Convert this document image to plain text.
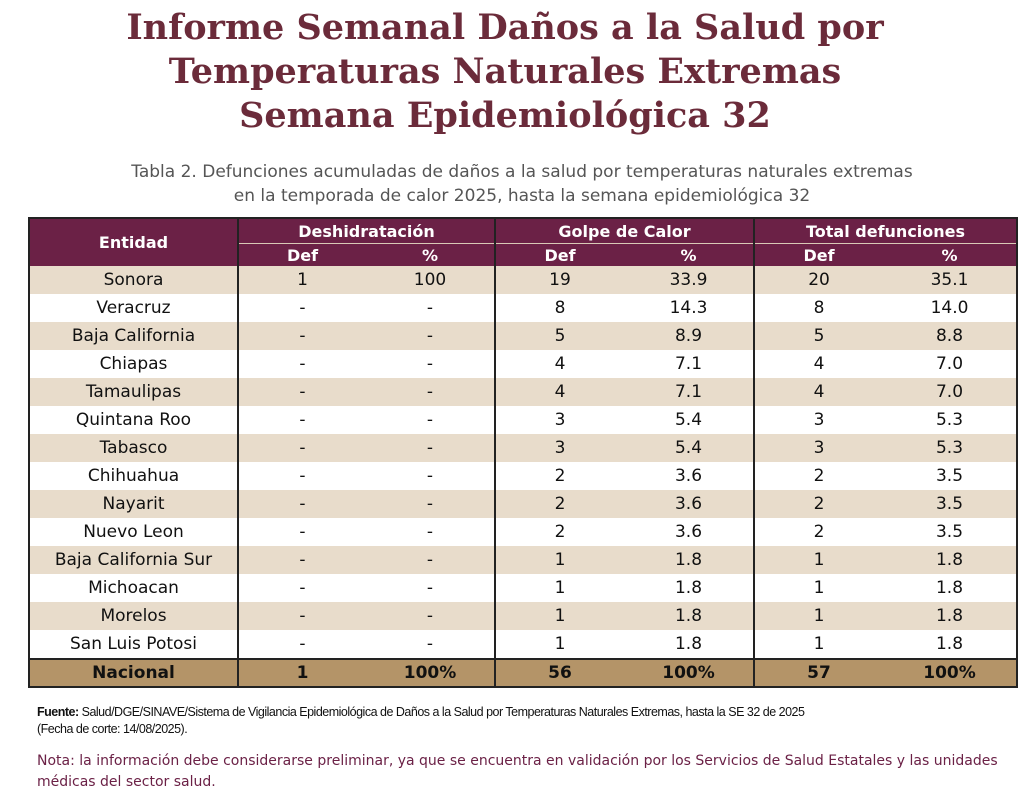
Informe Semanal Daños a la Salud por
Temperaturas Naturales Extremas
Semana Epidemiológica 32
Tabla 2. Defunciones acumuladas de daños a la salud por temperaturas naturales extremas
en la temporada de calor 2025, hasta la semana epidemiológica 32
Entidad	Deshidratación		Golpe de Calor		Total defunciones	
	Def	%	Def	%	Def	%
Sonora	1	100	19	33.9	20	35.1
Veracruz	-	-	8	14.3	8	14.0
Baja California	-	-	5	8.9	5	8.8
Chiapas	-	-	4	7.1	4	7.0
Tamaulipas	-	-	4	7.1	4	7.0
Quintana Roo	-	-	3	5.4	3	5.3
Tabasco	-	-	3	5.4	3	5.3
Chihuahua	-	-	2	3.6	2	3.5
Nayarit	-	-	2	3.6	2	3.5
Nuevo Leon	-	-	2	3.6	2	3.5
Baja California Sur	-	-	1	1.8	1	1.8
Michoacan	-	-	1	1.8	1	1.8
Morelos	-	-	1	1.8	1	1.8
San Luis Potosi	-	-	1	1.8	1	1.8
Nacional	1	100%	56	100%	57	100%
Fuente: Salud/DGE/SINAVE/Sistema de Vigilancia Epidemiológica de Daños a la Salud por Temperaturas Naturales Extremas, hasta la SE 32 de 2025
(Fecha de corte: 14/08/2025).
Nota: la información debe considerarse preliminar, ya que se encuentra en validación por los Servicios de Salud Estatales y las unidades médicas del sector salud.
